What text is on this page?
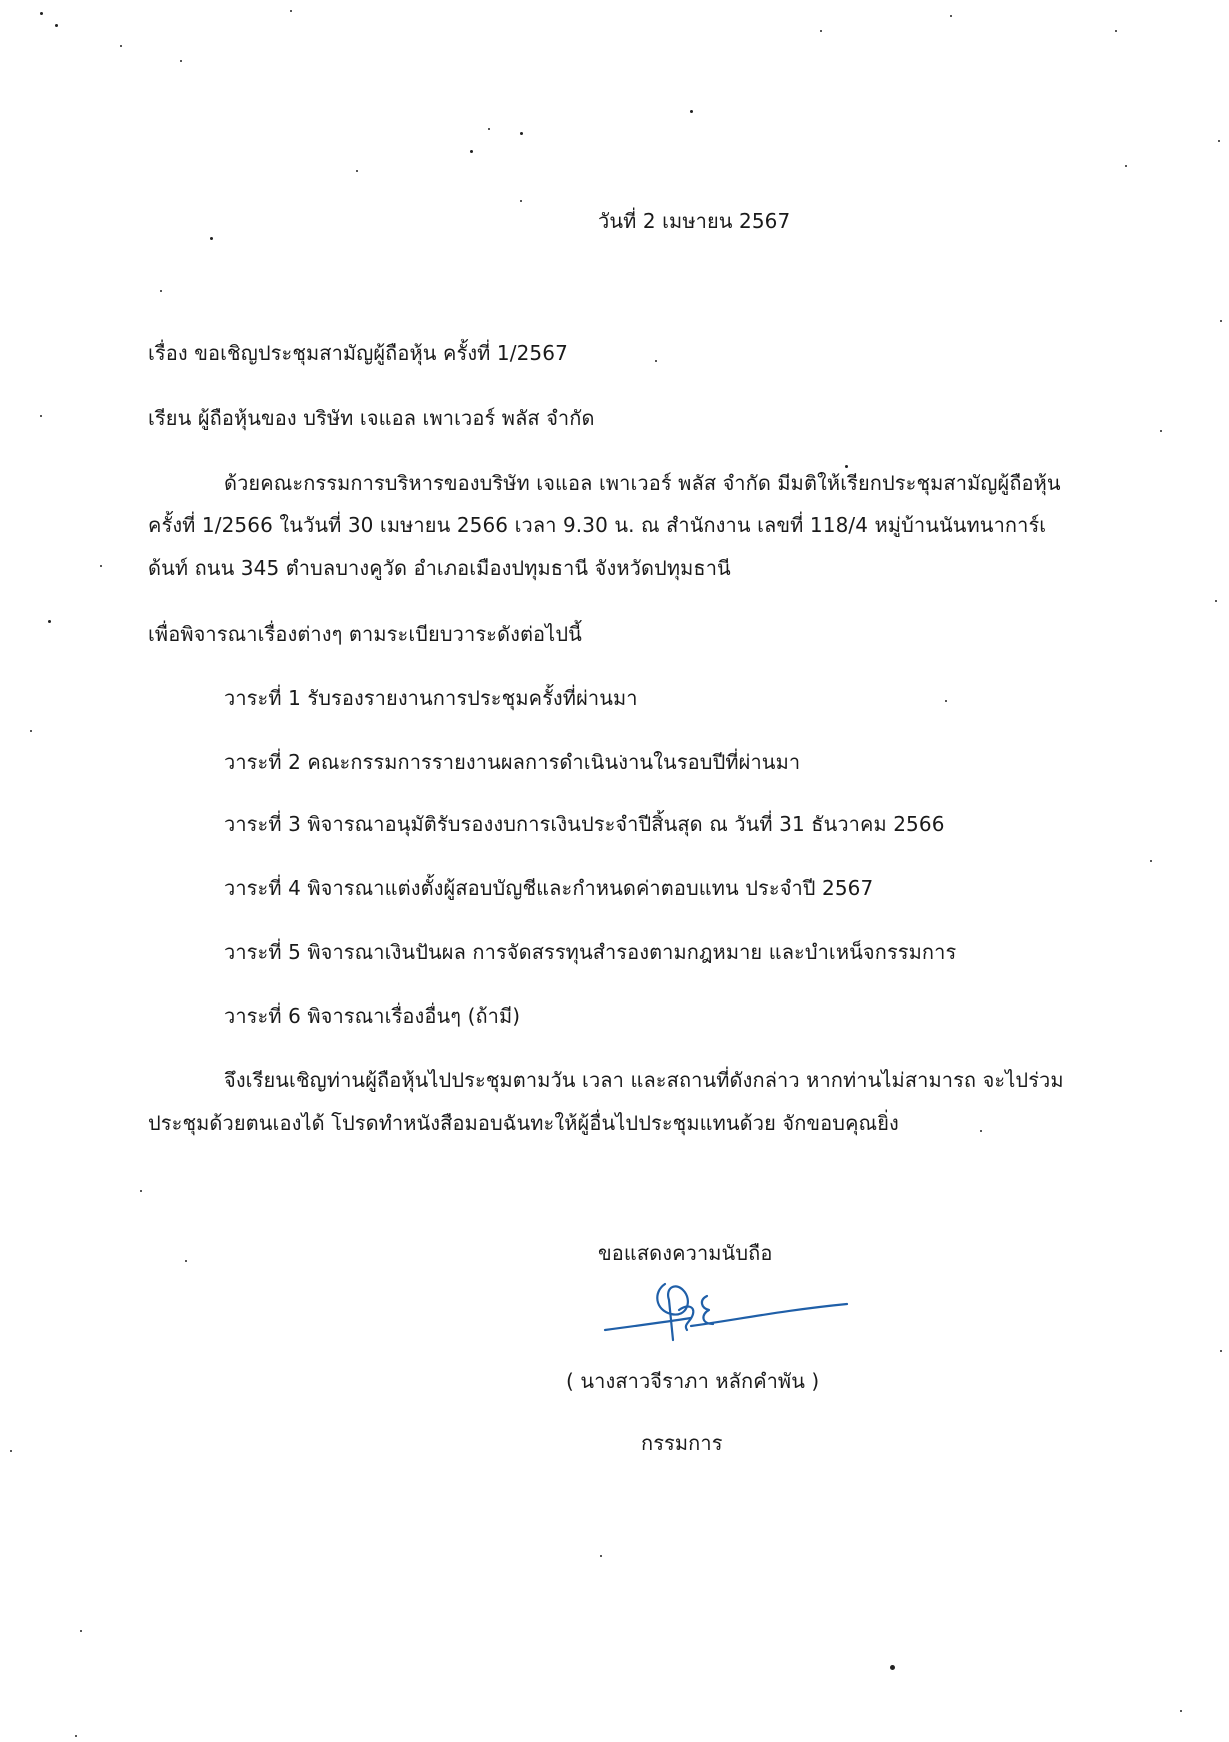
วันที่ 2 เมษายน 2567
เรื่อง ขอเชิญประชุมสามัญผู้ถือหุ้น ครั้งที่ 1/2567
เรียน ผู้ถือหุ้นของ บริษัท เจแอล เพาเวอร์ พลัส จำกัด
ด้วยคณะกรรมการบริหารของบริษัท เจแอล เพาเวอร์ พลัส จำกัด มีมติให้เรียกประชุมสามัญผู้ถือหุ้น
ครั้งที่ 1/2566 ในวันที่ 30 เมษายน 2566 เวลา 9.30 น. ณ สำนักงาน เลขที่ 118/4 หมู่บ้านนันทนาการ์เ
ด้นท์ ถนน 345 ตำบลบางคูวัด อำเภอเมืองปทุมธานี จังหวัดปทุมธานี
เพื่อพิจารณาเรื่องต่างๆ ตามระเบียบวาระดังต่อไปนี้
วาระที่ 1 รับรองรายงานการประชุมครั้งที่ผ่านมา
วาระที่ 2 คณะกรรมการรายงานผลการดำเนินงานในรอบปีที่ผ่านมา
วาระที่ 3 พิจารณาอนุมัติรับรองงบการเงินประจำปีสิ้นสุด ณ วันที่ 31 ธันวาคม 2566
วาระที่ 4 พิจารณาแต่งตั้งผู้สอบบัญชีและกำหนดค่าตอบแทน ประจำปี 2567
วาระที่ 5 พิจารณาเงินปันผล การจัดสรรทุนสำรองตามกฎหมาย และบำเหน็จกรรมการ
วาระที่ 6 พิจารณาเรื่องอื่นๆ (ถ้ามี)
จึงเรียนเชิญท่านผู้ถือหุ้นไปประชุมตามวัน เวลา และสถานที่ดังกล่าว หากท่านไม่สามารถ จะไปร่วม
ประชุมด้วยตนเองได้ โปรดทำหนังสือมอบฉันทะให้ผู้อื่นไปประชุมแทนด้วย จักขอบคุณยิ่ง
ขอแสดงความนับถือ
( นางสาวจีราภา หลักคำพัน )
กรรมการ
